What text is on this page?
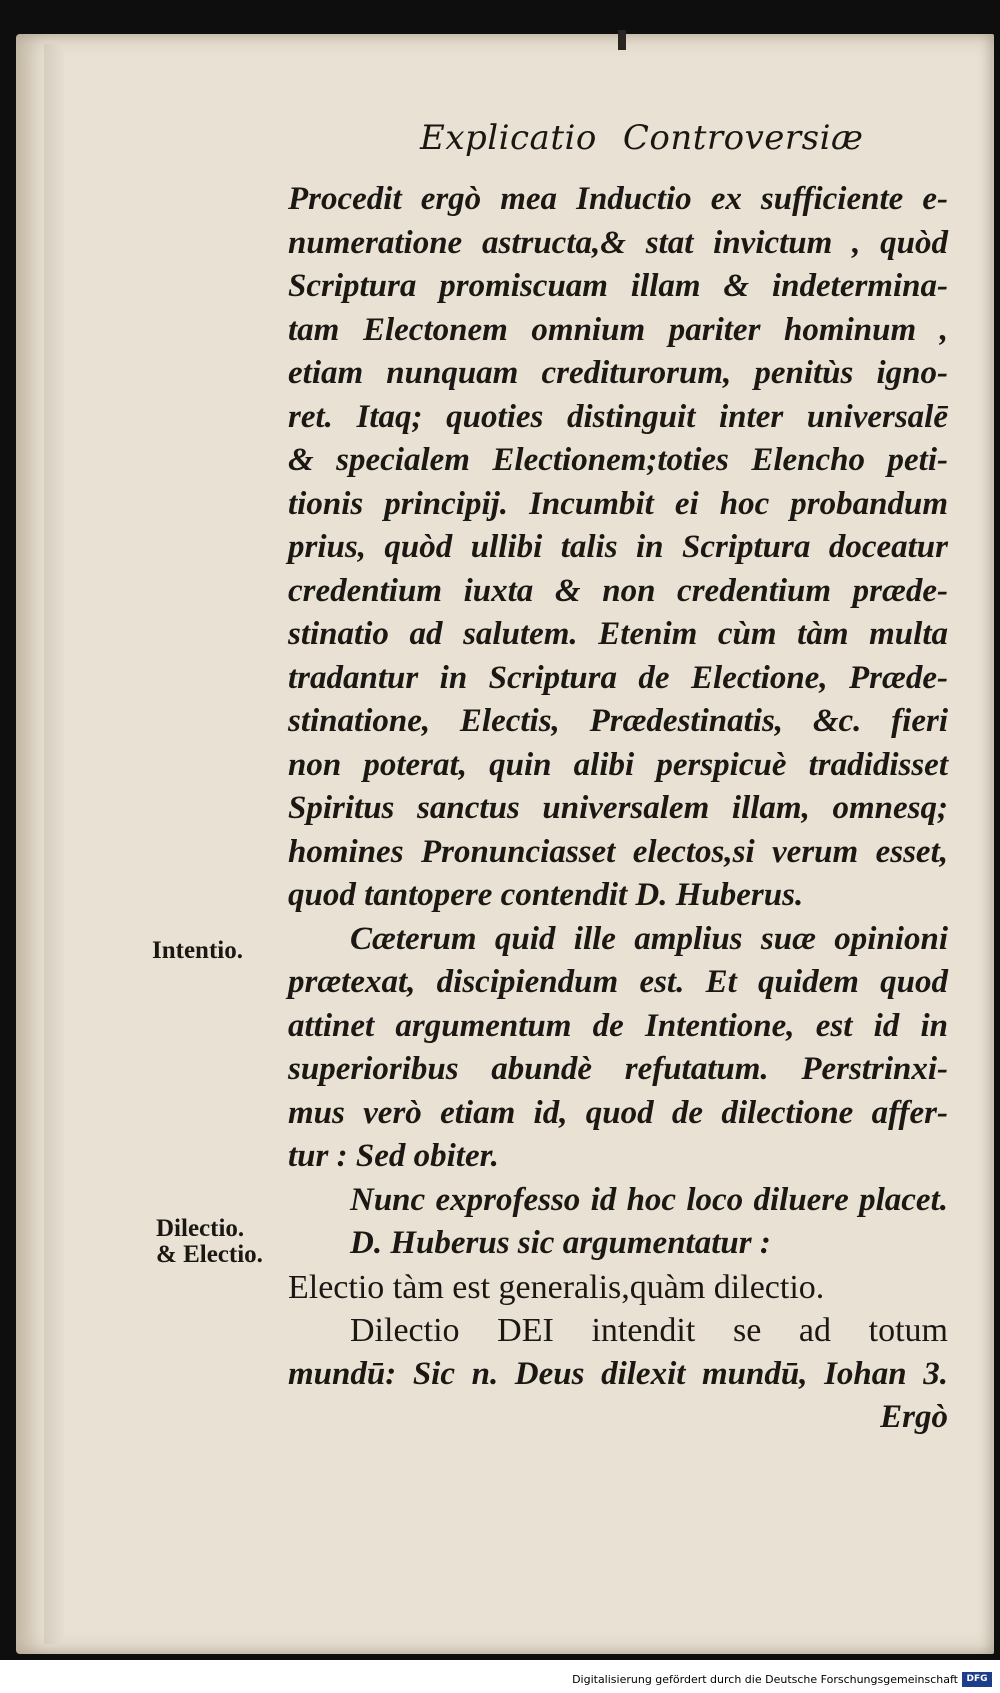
Explicatio Controversiæ
Procedit ergò mea Inductio ex sufficiente e-
numeratione astructa,& stat invictum , quòd
Scriptura promiscuam illam & indetermina-
tam Electonem omnium pariter hominum ,
etiam nunquam crediturorum, penitùs igno-
ret. Itaq; quoties distinguit inter universalē
& specialem Electionem;toties Elencho peti-
tionis principij. Incumbit ei hoc probandum
prius, quòd ullibi talis in Scriptura doceatur
credentium iuxta & non credentium præde-
stinatio ad salutem. Etenim cùm tàm multa
tradantur in Scriptura de Electione, Præde-
stinatione, Electis, Prædestinatis, &c. fieri
non poterat, quin alibi perspicuè tradidisset
Spiritus sanctus universalem illam, omnesq;
homines Pronunciasset electos,si verum esset,
quod tantopere contendit D. Huberus.
Cæterum quid ille amplius suæ opinioni
prætexat, discipiendum est. Et quidem quod
attinet argumentum de Intentione, est id in
superioribus abundè refutatum. Perstrinxi-
mus verò etiam id, quod de dilectione affer-
tur : Sed obiter.
Nunc exprofesso id hoc loco diluere placet.
D. Huberus sic argumentatur :
Electio tàm est generalis,quàm dilectio.
Dilectio DEI intendit se ad totum
mundū: Sic n. Deus dilexit mundū, Iohan 3.
Ergò
Intentio.
Dilectio.
& Electio.
Digitalisierung gefördert durch die Deutsche Forschungsgemeinschaft DFG
